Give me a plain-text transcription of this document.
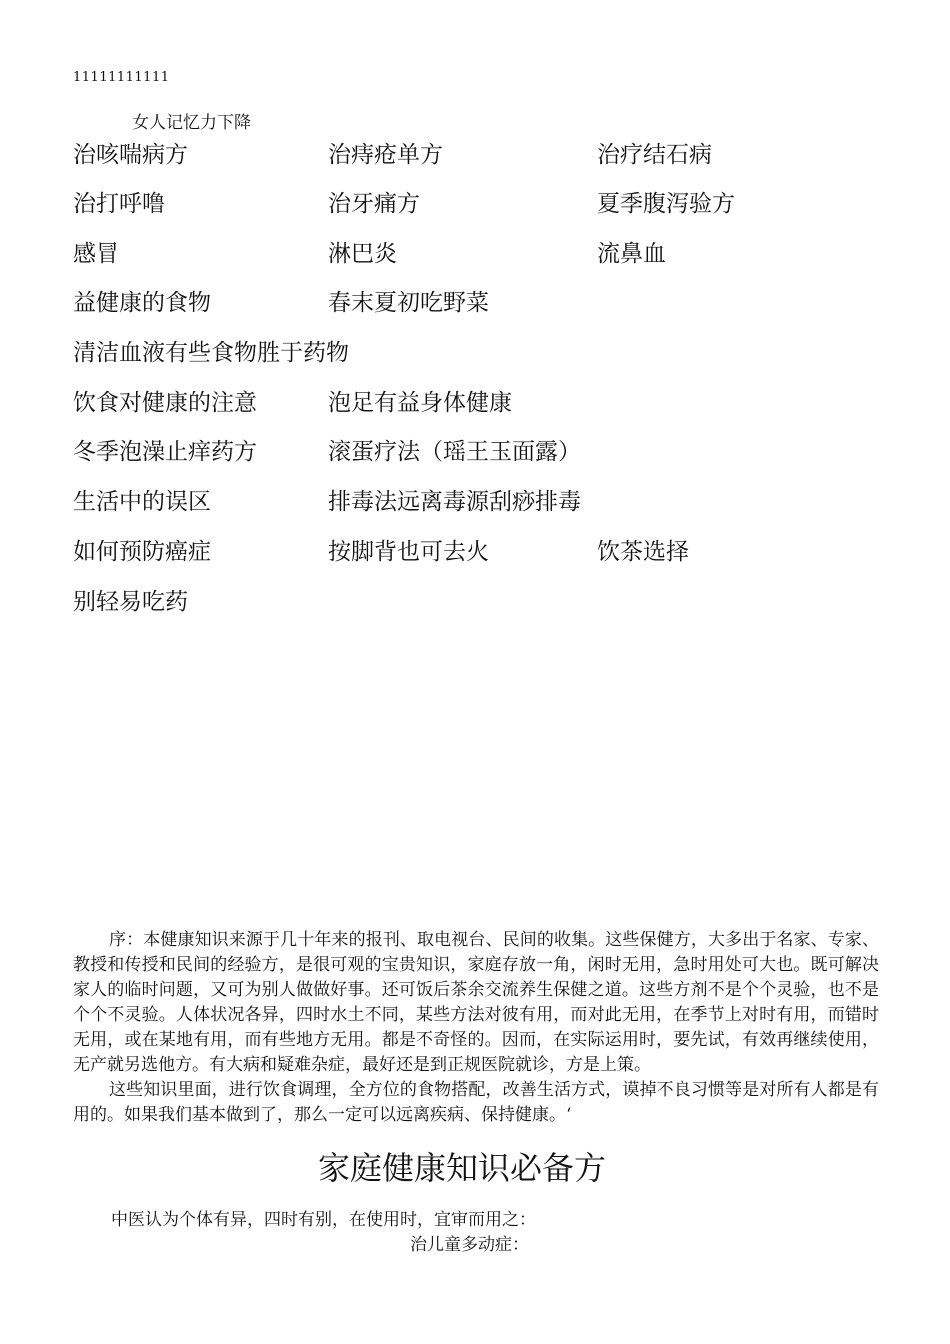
11111111111
女人记忆力下降
治咳喘病方	治痔疮单方	治疗结石病
治打呼噜	治牙痛方	夏季腹泻验方
感冒	淋巴炎	流鼻血
益健康的食物	春末夏初吃野菜
清洁血液有些食物胜于药物
饮食对健康的注意	泡足有益身体健康
冬季泡澡止痒药方	滚蛋疗法（瑶王玉面露）
生活中的误区	排毒法远离毒源刮痧排毒
如何预防癌症	按脚背也可去火	饮茶选择
别轻易吃药

序：本健康知识来源于几十年来的报刊、取电视台、民间的收集。这些保健方，大多出于名家、专家、教授和传授和民间的经验方，是很可观的宝贵知识，家庭存放一角，闲时无用，急时用处可大也。既可解决家人的临时问题，又可为别人做做好事。还可饭后茶余交流养生保健之道。这些方剂不是个个灵验，也不是个个不灵验。人体状况各异，四时水土不同，某些方法对彼有用，而对此无用，在季节上对时有用，而错时无用，或在某地有用，而有些地方无用。都是不奇怪的。因而，在实际运用时，要先试，有效再继续使用，无产就另选他方。有大病和疑难杂症，最好还是到正规医院就诊，方是上策。

这些知识里面，进行饮食调理，全方位的食物搭配，改善生活方式，谟掉不良习惯等是对所有人都是有用的。如果我们基本做到了，那么一定可以远离疾病、保持健康。‘

家庭健康知识必备方
中医认为个体有异，四时有别，在使用时，宜审而用之：
治儿童多动症：
